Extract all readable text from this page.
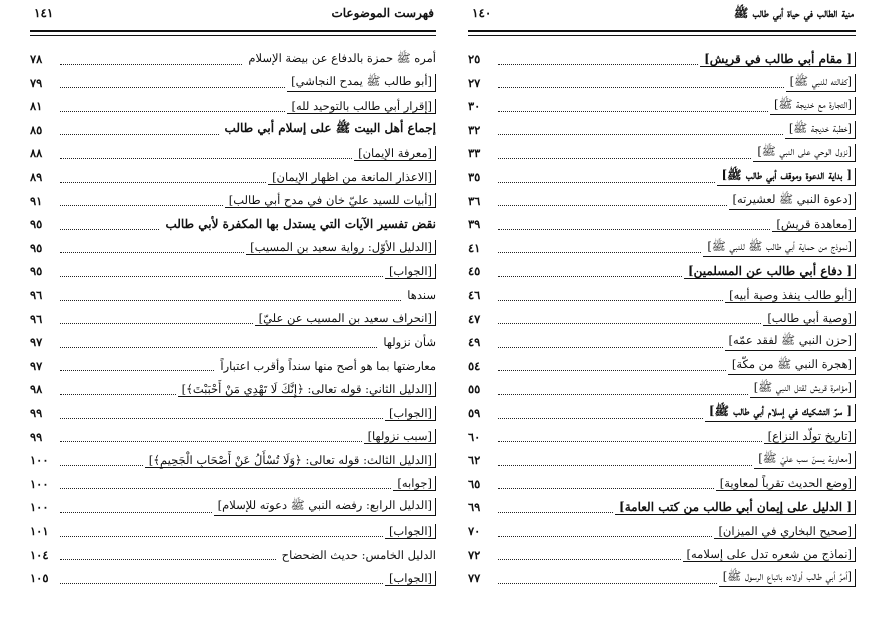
فهرست الموضوعات
١٤١
أمره ﷺ حمزة بالدفاع عن بيضة الإسلام
٧٨
[أبو طالب ﷺ يمدح النجاشي]
٧٩
[إقرار أبي طالب بالتوحيد لله]
٨١
إجماع أهل البيت ﷺ على إسلام أبي طالب
٨٥
[معرفة الإيمان]
٨٨
[الاعذار المانعة من اظهار الإيمان]
٨٩
[أبيات للسيد عليّ خان في مدح أبي طالب]
٩١
نقض تفسير الآيات التي يستدل بها المكفرة لأبي طالب
٩٥
[الدليل الأوّل: رواية سعيد بن المسيب]
٩٥
[الجواب]
٩٥
سندها
٩٦
[انحراف سعيد بن المسيب عن عليّ]
٩٦
شأن نزولها
٩٧
معارضتها بما هو أصح منها سنداً وأقرب اعتباراً
٩٧
[الدليل الثاني: قوله تعالى: ﴿إِنَّكَ لَا تَهْدِي مَنْ أَحْبَبْتَ﴾]
٩٨
[الجواب]
٩٩
[سبب نزولها]
٩٩
[الدليل الثالث: قوله تعالى: ﴿وَلَا تُسْأَلُ عَنْ أَصْحَابِ الْجَحِيمِ﴾]
١٠٠
[جوابه]
١٠٠
[الدليل الرابع: رفضه النبي ﷺ دعوته للإسلام]
١٠٠
[الجواب]
١٠١
الدليل الخامس: حديث الضحضاح
١٠٤
[الجواب]
١٠٥
منية الطالب في حياة أبي طالب ﷺ
١٤٠
[ مقام أبي طالب في قريش]
٢٥
[كفالته للنبي ﷺ]
٢٧
[التجارة مع خديجة ﷺ]
٣٠
[خطبة خديجة ﷺ]
٣٢
[نزول الوحي على النبي ﷺ]
٣٣
[ بداية الدعوة وموقف أبي طالب ﷺ]
٣٥
[دعوة النبي ﷺ لعشيرته]
٣٦
[معاهدة قريش]
٣٩
[نموذج من حماية أبي طالب ﷺ للنبي ﷺ]
٤١
[ دفاع أبي طالب عن المسلمين]
٤٥
[أبو طالب ينفذ وصية أبيه]
٤٦
[وصية أبي طالب]
٤٧
[حزن النبي ﷺ لفقد عمّه]
٤٩
[هجرة النبي ﷺ من مكّة]
٥٤
[مؤامرة قريش لقتل النبي ﷺ]
٥٥
[ سرّ التشكيك في إسلام أبي طالب ﷺ]
٥٩
[تاريخ تولّد النزاع]
٦٠
[معاوية يسنّ سب عليّ ﷺ]
٦٢
[وضع الحديث تقرباً لمعاوية]
٦٥
[ الدليل على إيمان أبي طالب من كتب العامة]
٦٩
[صحيح البخاري في الميزان]
٧٠
[نماذج من شعره تدل على إسلامه]
٧٢
[أمرُ أبي طالب أولاده باتباع الرسول ﷺ]
٧٧
